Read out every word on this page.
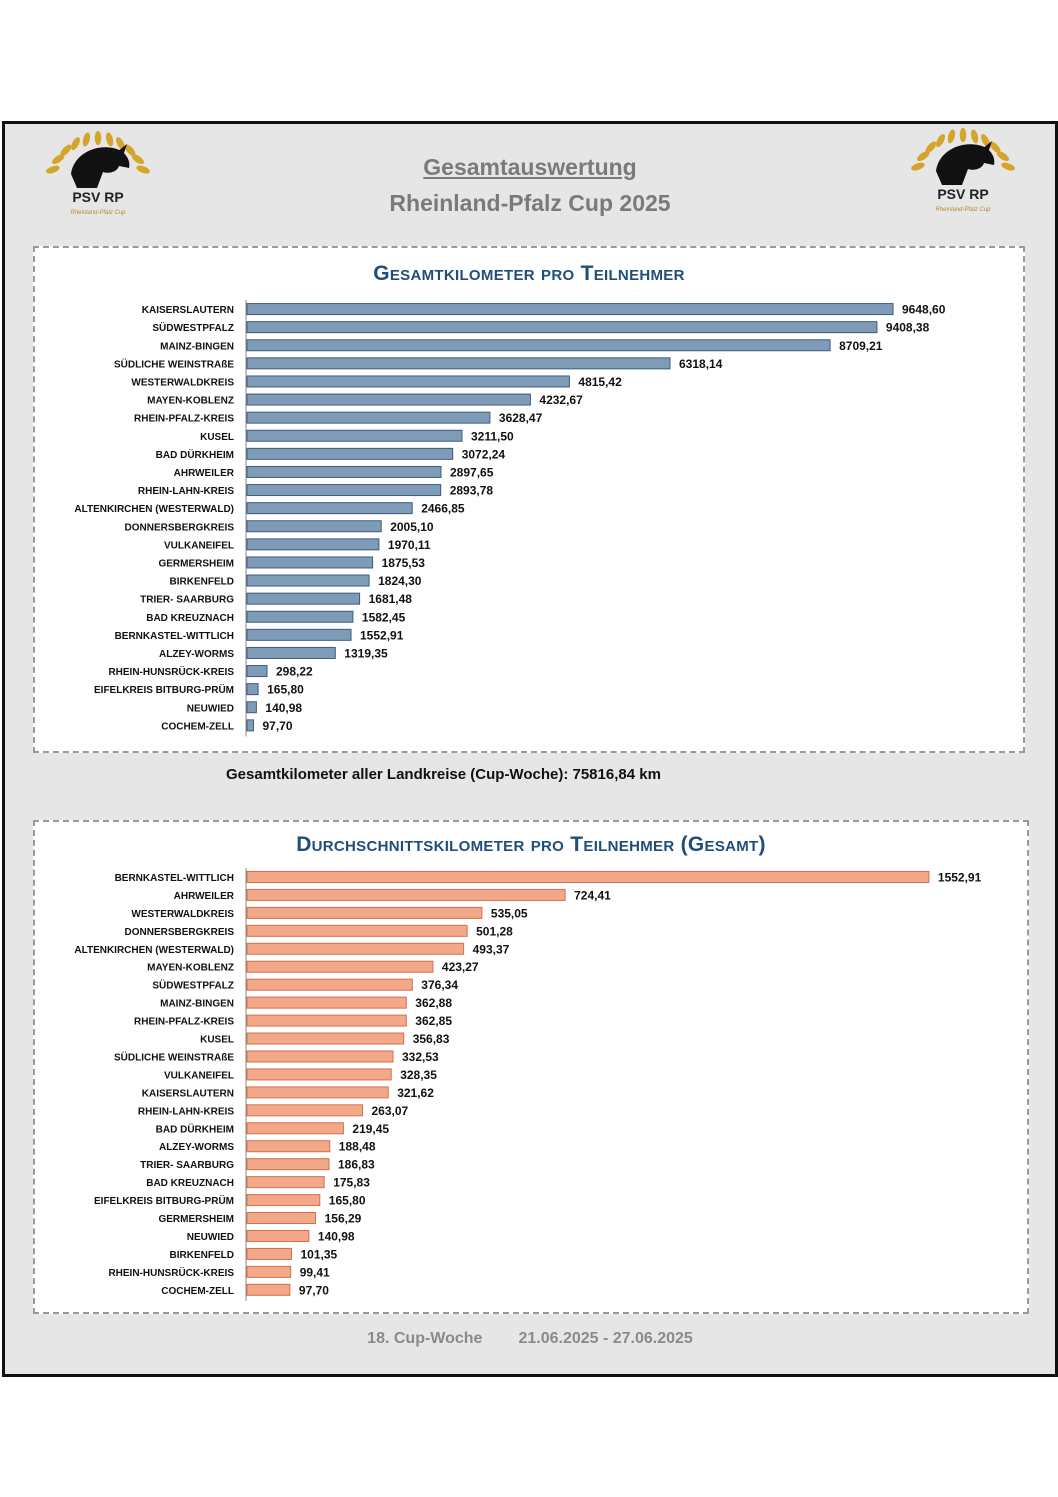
PSV RP
Rheinland-Pfalz Cup
PSV RP
Rheinland-Pfalz Cup
Gesamtauswertung
Rheinland-Pfalz Cup 2025
Gesamtkilometer pro Teilnehmer
KAISERSLAUTERN	9648,60
SÜDWESTPFALZ	9408,38
MAINZ-BINGEN	8709,21
SÜDLICHE WEINSTRAßE	6318,14
WESTERWALDKREIS	4815,42
MAYEN-KOBLENZ	4232,67
RHEIN-PFALZ-KREIS	3628,47
KUSEL	3211,50
BAD DÜRKHEIM	3072,24
AHRWEILER	2897,65
RHEIN-LAHN-KREIS	2893,78
ALTENKIRCHEN (WESTERWALD)	2466,85
DONNERSBERGKREIS	2005,10
VULKANEIFEL	1970,11
GERMERSHEIM	1875,53
BIRKENFELD	1824,30
TRIER- SAARBURG	1681,48
BAD KREUZNACH	1582,45
BERNKASTEL-WITTLICH	1552,91
ALZEY-WORMS	1319,35
RHEIN-HUNSRÜCK-KREIS	298,22
EIFELKREIS BITBURG-PRÜM	165,80
NEUWIED	140,98
COCHEM-ZELL 97,70
Gesamtkilometer aller Landkreise (Cup-Woche): 75816,84 km
Durchschnittskilometer pro Teilnehmer (Gesamt)
BERNKASTEL-WITTLICH	1552,91
AHRWEILER	724,41
WESTERWALDKREIS	535,05
DONNERSBERGKREIS	501,28
ALTENKIRCHEN (WESTERWALD)	493,37
MAYEN-KOBLENZ	423,27
SÜDWESTPFALZ	376,34
MAINZ-BINGEN	362,88
RHEIN-PFALZ-KREIS	362,85
KUSEL	356,83
SÜDLICHE WEINSTRAßE	332,53
VULKANEIFEL	328,35
KAISERSLAUTERN	321,62
RHEIN-LAHN-KREIS	263,07
BAD DÜRKHEIM	219,45
ALZEY-WORMS	188,48
TRIER- SAARBURG	186,83
BAD KREUZNACH	175,83
EIFELKREIS BITBURG-PRÜM	165,80
GERMERSHEIM	156,29
NEUWIED	140,98
BIRKENFELD	101,35
RHEIN-HUNSRÜCK-KREIS	99,41
COCHEM-ZELL	97,70
18. Cup-Woche 21.06.2025 - 27.06.2025
